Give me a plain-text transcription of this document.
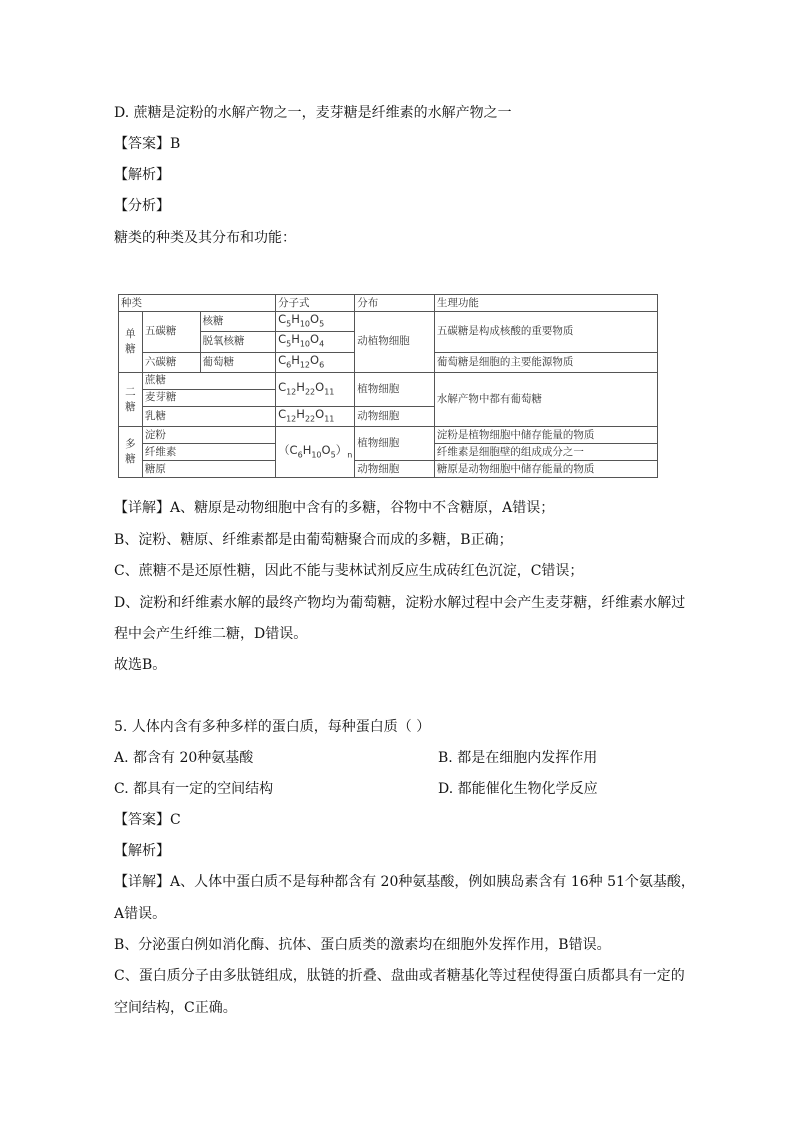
D. 蔗糖是淀粉的水解产物之一，麦芽糖是纤维素的水解产物之一
【答案】B
【解析】
【分析】
糖类的种类及其分布和功能：
种类			分子式	分布	生理功能
单糖	五碳糖	核糖	$C_5H_{10}O_5$	动植物细胞	五碳糖是构成核酸的重要物质
		脱氧核糖	$C_5H_{10}O_4$
	六碳糖	葡萄糖	$C_6H_{12}O_6$		葡萄糖是细胞的主要能源物质
二糖	蔗糖		$C_{12}H_{22}O_{11}$	植物细胞	水解产物中都有葡萄糖
	麦芽糖				
	乳糖		$C_{12}H_{22}O_{11}$	动物细胞	
多糖	淀粉		$(C_6H_{10}O_5)_n$	植物细胞	淀粉是植物细胞中储存能量的物质
	纤维素				纤维素是细胞壁的组成成分之一
	糖原			动物细胞	糖原是动物细胞中储存能量的物质
【详解】A、糖原是动物细胞中含有的多糖，谷物中不含糖原，A错误；
B、淀粉、糖原、纤维素都是由葡萄糖聚合而成的多糖，B正确；
C、蔗糖不是还原性糖，因此不能与斐林试剂反应生成砖红色沉淀，C错误；
D、淀粉和纤维素水解的最终产物均为葡萄糖，淀粉水解过程中会产生麦芽糖，纤维素水解过
程中会产生纤维二糖，D错误。
故选B。
5. 人体内含有多种多样的蛋白质，每种蛋白质（ ）
A. 都含有 20种氨基酸	B. 都是在细胞内发挥作用
C. 都具有一定的空间结构	D. 都能催化生物化学反应
【答案】C
【解析】
【详解】A、人体中蛋白质不是每种都含有 20种氨基酸，例如胰岛素含有 16种 51个氨基酸，
A错误。
B、分泌蛋白例如消化酶、抗体、蛋白质类的激素均在细胞外发挥作用，B错误。
C、蛋白质分子由多肽链组成，肽链的折叠、盘曲或者糖基化等过程使得蛋白质都具有一定的
空间结构，C正确。
